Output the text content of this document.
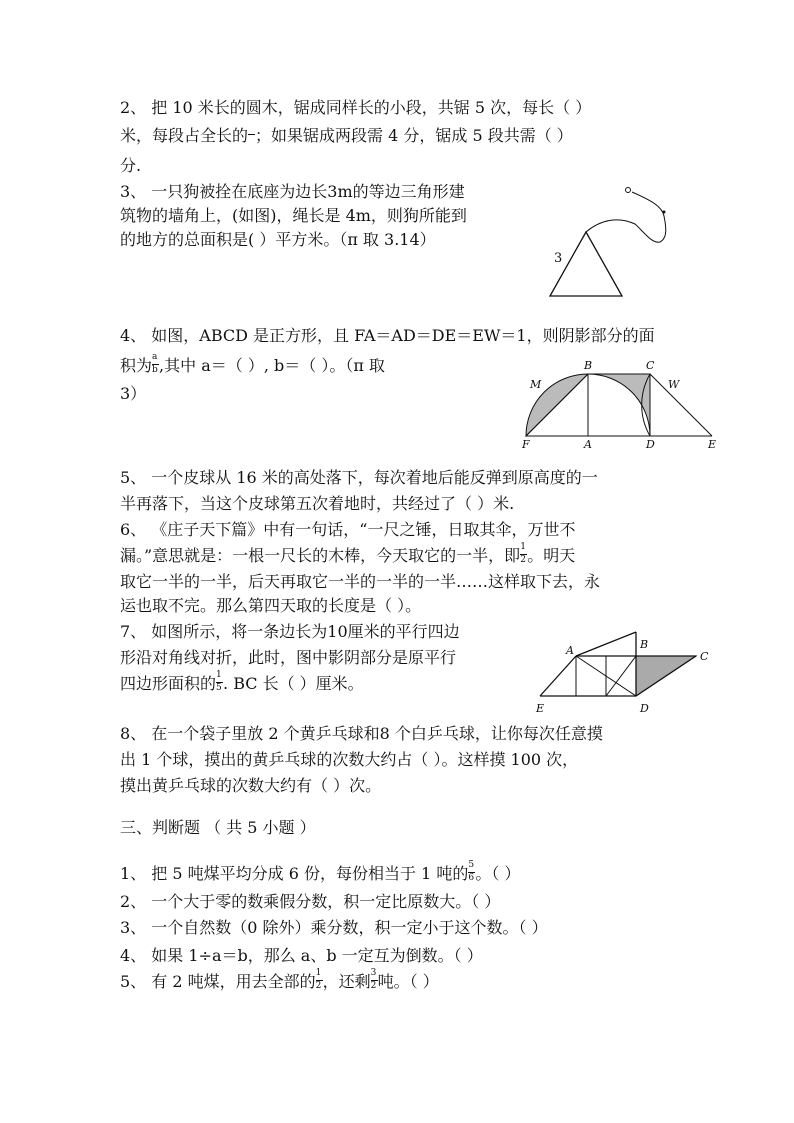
2、 把 10 米长的圆木，锯成同样长的小段，共锯 5 次，每长（ ）
米，每段占全长的 ；如果锯成两段需 4 分，锯成 5 段共需（ ）
分.
3、 一只狗被拴在底座为边长3m的等边三角形建
筑物的墙角上，(如图)，绳长是 4m，则狗所能到
的地方的总面积是( ）平方米。（π 取 3.14）
3
4、 如图，ABCD 是正方形，且 FA＝AD＝DE＝EW＝1，则阴影部分的面
积为 $\frac{a}{b}$ ,其中 a＝（ ）, b＝（ ）。（π 取
3）	M
B	C
W
F	A	D	E
5、 一个皮球从 16 米的高处落下，每次着地后能反弹到原高度的一
半再落下，当这个皮球第五次着地时，共经过了（ ）米.
6、 《庄子天下篇》中有一句话，“一尺之锤，日取其伞，万世不
漏。”意思就是：一根一尺长的木棒，今天取它的一半，即 $\frac{1}{2}$ 。明天
取它一半的一半，后天再取它一半的一半的一半……这样取下去，永
运也取不完。那么第四天取的长度是（ ）。
7、 如图所示，将一条边长为10厘米的平行四边
形沿对角线对折，此时，图中影阴部分是原平行
四边形面积的 $\frac{1}{5}$ . BC 长（ ）厘米。
A	B
C
D
E
8、 在一个袋子里放 2 个黄乒乓球和8 个白乒乓球，让你每次任意摸
出 1 个球，摸出的黄乒乓球的次数大约占（ ）。这样摸 100 次，
摸出黄乒乓球的次数大约有（ ）次。
三、判断题 （ 共 5 小题 ）
1、 把 5 吨煤平均分成 6 份，每份相当于 1 吨的 $\frac{5}{6}$ 。（ ）
2、 一个大于零的数乘假分数，积一定比原数大。（ ）
3、 一个自然数（0 除外）乘分数，积一定小于这个数。（ ）
4、 如果 1÷a＝b，那么 a、b 一定互为倒数。（ ）
5、 有 2 吨煤，用去全部的 $\frac{1}{2}$ ，还剩 $\frac{3}{2}$ 吨。（ ）
